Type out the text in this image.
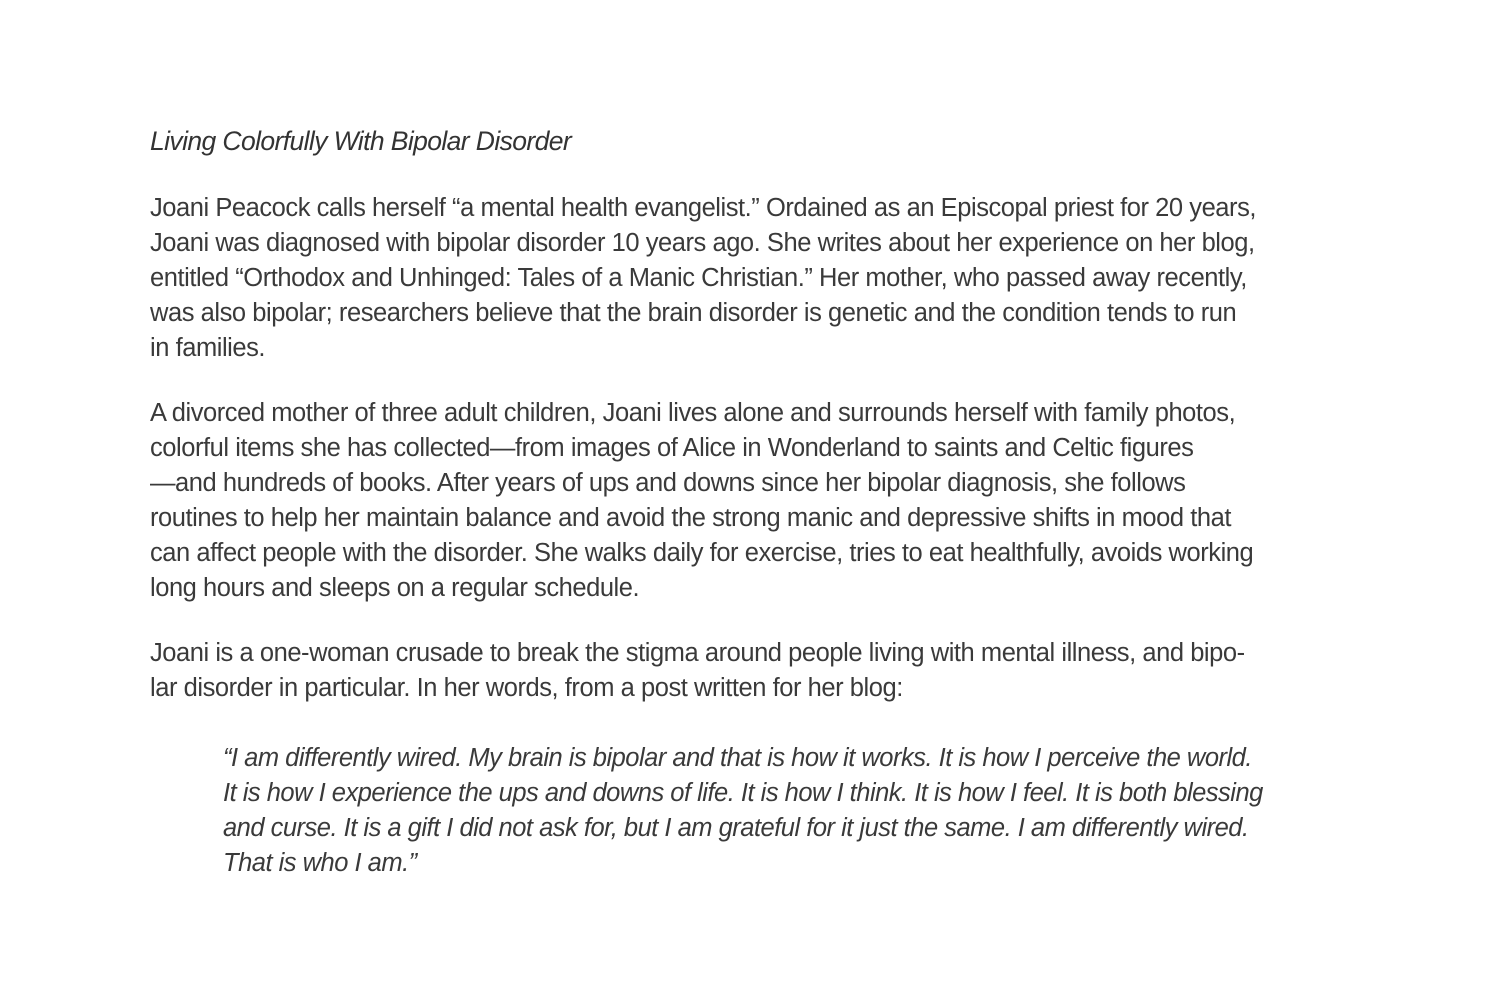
Living Colorfully With Bipolar Disorder

Joani Peacock calls herself “a mental health evangelist.” Ordained as an Episcopal priest for 20 years,
Joani was diagnosed with bipolar disorder 10 years ago. She writes about her experience on her blog,
entitled “Orthodox and Unhinged: Tales of a Manic Christian.” Her mother, who passed away recently,
was also bipolar; researchers believe that the brain disorder is genetic and the condition tends to run
in families.

A divorced mother of three adult children, Joani lives alone and surrounds herself with family photos,
colorful items she has collected—from images of Alice in Wonderland to saints and Celtic figures
—and hundreds of books. After years of ups and downs since her bipolar diagnosis, she follows
routines to help her maintain balance and avoid the strong manic and depressive shifts in mood that
can affect people with the disorder. She walks daily for exercise, tries to eat healthfully, avoids working
long hours and sleeps on a regular schedule.

Joani is a one-woman crusade to break the stigma around people living with mental illness, and bipo-
lar disorder in particular. In her words, from a post written for her blog:

“I am differently wired. My brain is bipolar and that is how it works. It is how I perceive the world.
It is how I experience the ups and downs of life. It is how I think. It is how I feel. It is both blessing
and curse. It is a gift I did not ask for, but I am grateful for it just the same. I am differently wired.
That is who I am.”
